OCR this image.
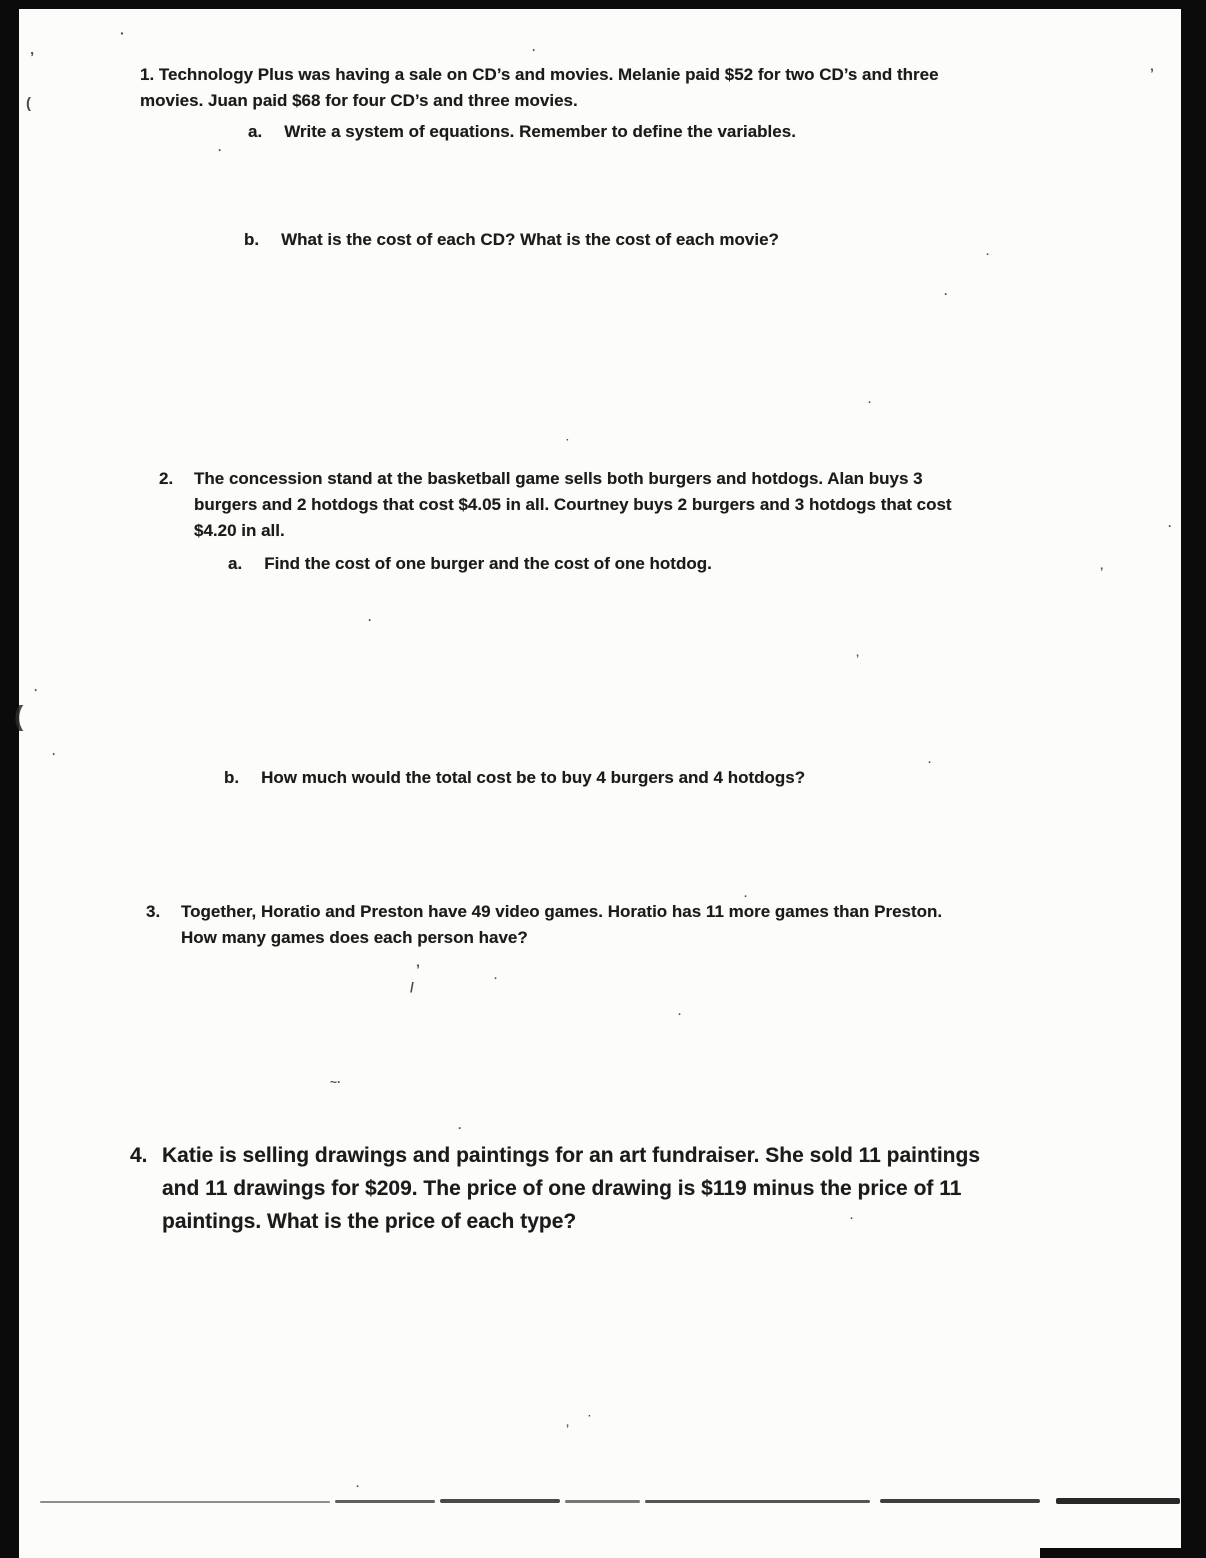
1. Technology Plus was having a sale on CD’s and movies. Melanie paid $52 for two CD’s and three
movies. Juan paid $68 for four CD’s and three movies.
a. Write a system of equations. Remember to define the variables.
b. What is the cost of each CD? What is the cost of each movie?
2. The concession stand at the basketball game sells both burgers and hotdogs. Alan buys 3
burgers and 2 hotdogs that cost $4.05 in all. Courtney buys 2 burgers and 3 hotdogs that cost
$4.20 in all.
a. Find the cost of one burger and the cost of one hotdog.
b. How much would the total cost be to buy 4 burgers and 4 hotdogs?
3. Together, Horatio and Preston have 49 video games. Horatio has 11 more games than Preston.
How many games does each person have?
4. Katie is selling drawings and paintings for an art fundraiser. She sold 11 paintings
and 11 drawings for $209. The price of one drawing is $119 minus the price of 11
paintings. What is the price of each type?
’
(
·
·
’
·
·
·
·
·
·
’
·
’
·
(
·
·
·
’
/	·
·
~·
·
·
·
’
·
